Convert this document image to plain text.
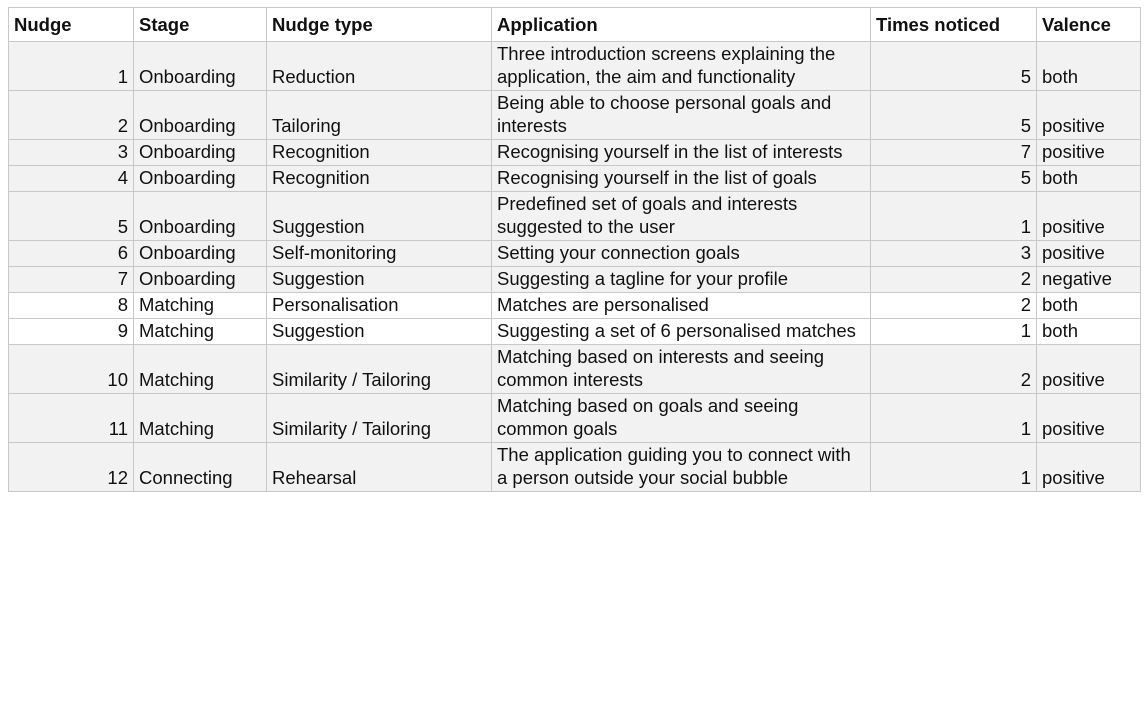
Nudge	Stage	Nudge type	Application	Times noticed	Valence
1	Onboarding	Reduction	Three introduction screens explaining the application, the aim and functionality	5	both
2	Onboarding	Tailoring	Being able to choose personal goals and interests	5	positive
3	Onboarding	Recognition	Recognising yourself in the list of interests	7	positive
4	Onboarding	Recognition	Recognising yourself in the list of goals	5	both
5	Onboarding	Suggestion	Predefined set of goals and interests suggested to the user	1	positive
6	Onboarding	Self-monitoring	Setting your connection goals	3	positive
7	Onboarding	Suggestion	Suggesting a tagline for your profile	2	negative
8	Matching	Personalisation	Matches are personalised	2	both
9	Matching	Suggestion	Suggesting a set of 6 personalised matches	1	both
10	Matching	Similarity / Tailoring	Matching based on interests and seeing common interests	2	positive
11	Matching	Similarity / Tailoring	Matching based on goals and seeing common goals	1	positive
12	Connecting	Rehearsal	The application guiding you to connect with a person outside your social bubble	1	positive
